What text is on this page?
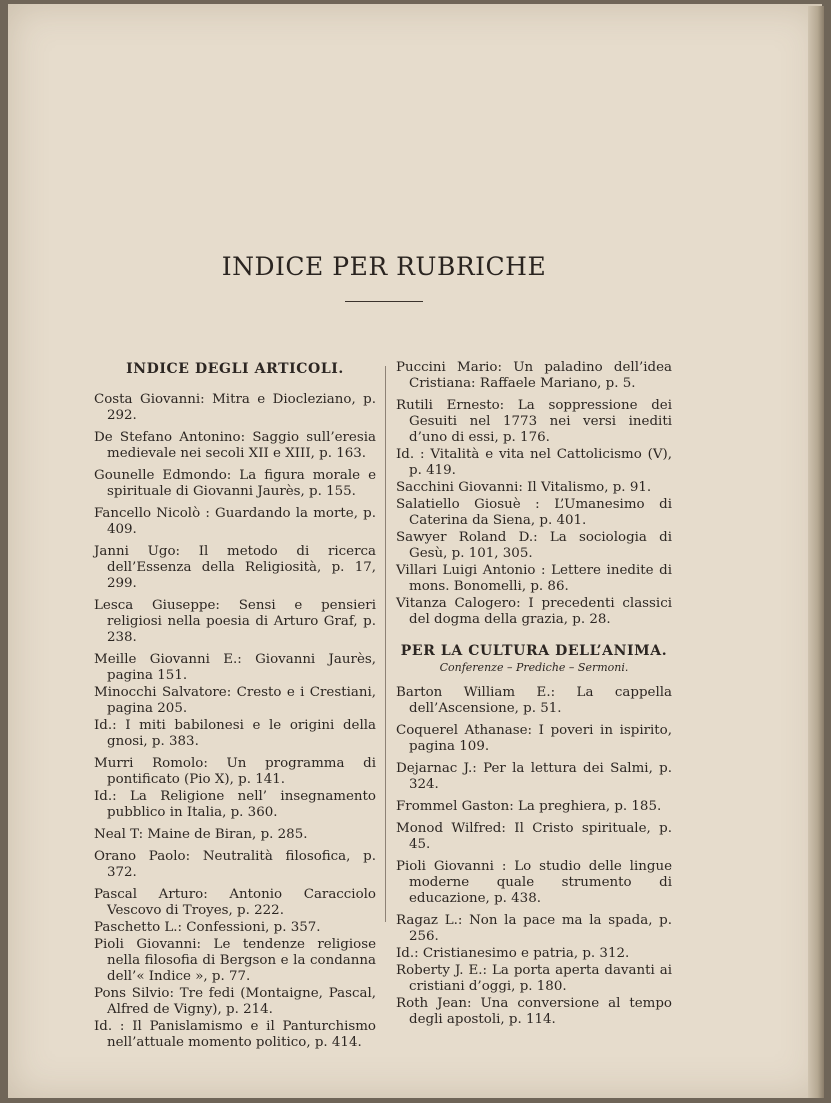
INDICE PER RUBRICHE
INDICE DEGLI ARTICOLI.
Costa Giovanni: Mitra e Diocleziano, p. 292.
De Stefano Antonino: Saggio sull’eresia medievale nei secoli XII e XIII, p. 163.
Gounelle Edmondo: La figura morale e spirituale di Giovanni Jaurès, p. 155.
Fancello Nicolò : Guardando la morte, p. 409.
Janni Ugo: Il metodo di ricerca dell’Essenza della Religiosità, p. 17, 299.
Lesca Giuseppe: Sensi e pensieri religiosi nella poesia di Arturo Graf, p. 238.
Meille Giovanni E.: Giovanni Jaurès, pagina 151.
Minocchi Salvatore: Cresto e i Crestiani, pagina 205.
Id.: I miti babilonesi e le origini della gnosi, p. 383.
Murri Romolo: Un programma di pontificato (Pio X), p. 141.
Id.: La Religione nell’ insegnamento pubblico in Italia, p. 360.
Neal T: Maine de Biran, p. 285.
Orano Paolo: Neutralità filosofica, p. 372.
Pascal Arturo: Antonio Caracciolo Vescovo di Troyes, p. 222.
Paschetto L.: Confessioni, p. 357.
Pioli Giovanni: Le tendenze religiose nella filosofia di Bergson e la condanna dell’« Indice », p. 77.
Pons Silvio: Tre fedi (Montaigne, Pascal, Alfred de Vigny), p. 214.
Id. : Il Panislamismo e il Panturchismo nell’attuale momento politico, p. 414.
Puccini Mario: Un paladino dell’idea Cristiana: Raffaele Mariano, p. 5.
Rutili Ernesto: La soppressione dei Gesuiti nel 1773 nei versi inediti d’uno di essi, p. 176.
Id. : Vitalità e vita nel Cattolicismo (V), p. 419.
Sacchini Giovanni: Il Vitalismo, p. 91.
Salatiello Giosuè : L’Umanesimo di Caterina da Siena, p. 401.
Sawyer Roland D.: La sociologia di Gesù, p. 101, 305.
Villari Luigi Antonio : Lettere inedite di mons. Bonomelli, p. 86.
Vitanza Calogero: I precedenti classici del dogma della grazia, p. 28.
PER LA CULTURA DELL’ANIMA.
Conferenze – Prediche – Sermoni.
Barton William E.: La cappella dell’Ascensione, p. 51.
Coquerel Athanase: I poveri in ispirito, pagina 109.
Dejarnac J.: Per la lettura dei Salmi, p. 324.
Frommel Gaston: La preghiera, p. 185.
Monod Wilfred: Il Cristo spirituale, p. 45.
Pioli Giovanni : Lo studio delle lingue moderne quale strumento di educazione, p. 438.
Ragaz L.: Non la pace ma la spada, p. 256.
Id.: Cristianesimo e patria, p. 312.
Roberty J. E.: La porta aperta davanti ai cristiani d’oggi, p. 180.
Roth Jean: Una conversione al tempo degli apostoli, p. 114.
